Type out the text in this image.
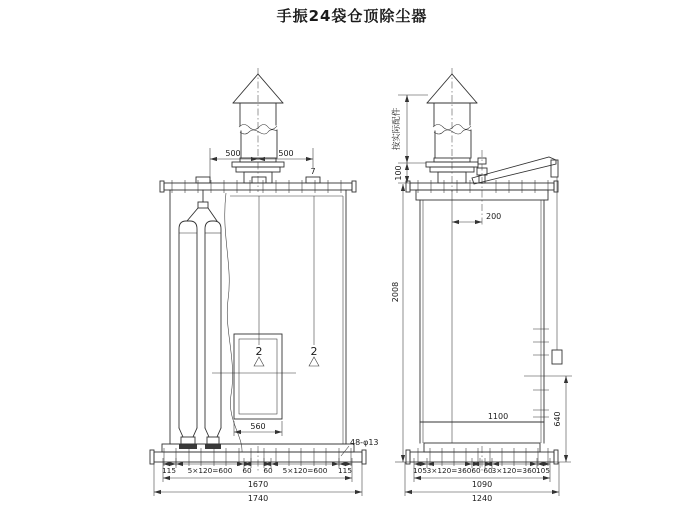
手振24袋仓顶除尘器
500	500
7
2	2
560
48-φ13
115 5×120=600 60 60 5×120=600 115
1670
1740
按实际配件
100
200
1100	640
2008
105 3×120=360 60 60
3×120=360 105
1090
1240
